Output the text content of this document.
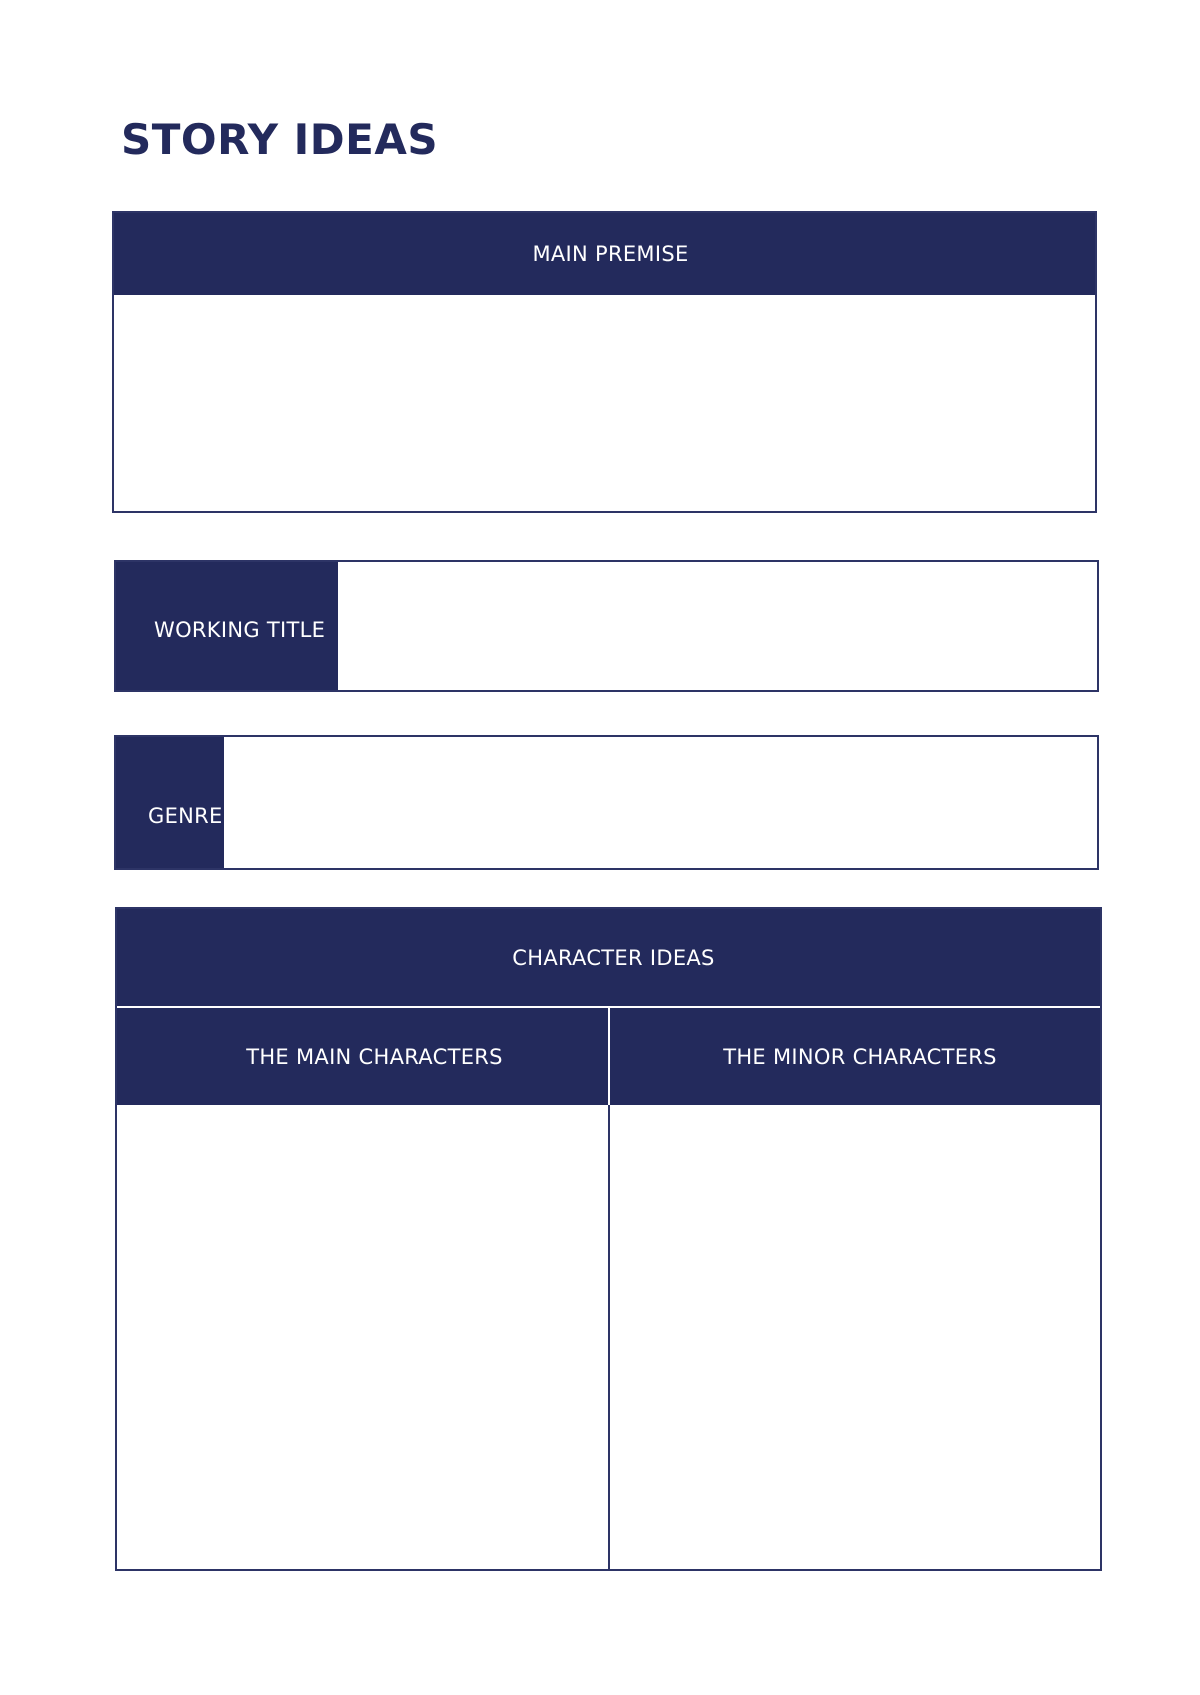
STORY IDEAS
MAIN PREMISE
WORKING TITLE
GENRE
CHARACTER IDEAS
THE MAIN CHARACTERS	THE MINOR CHARACTERS
